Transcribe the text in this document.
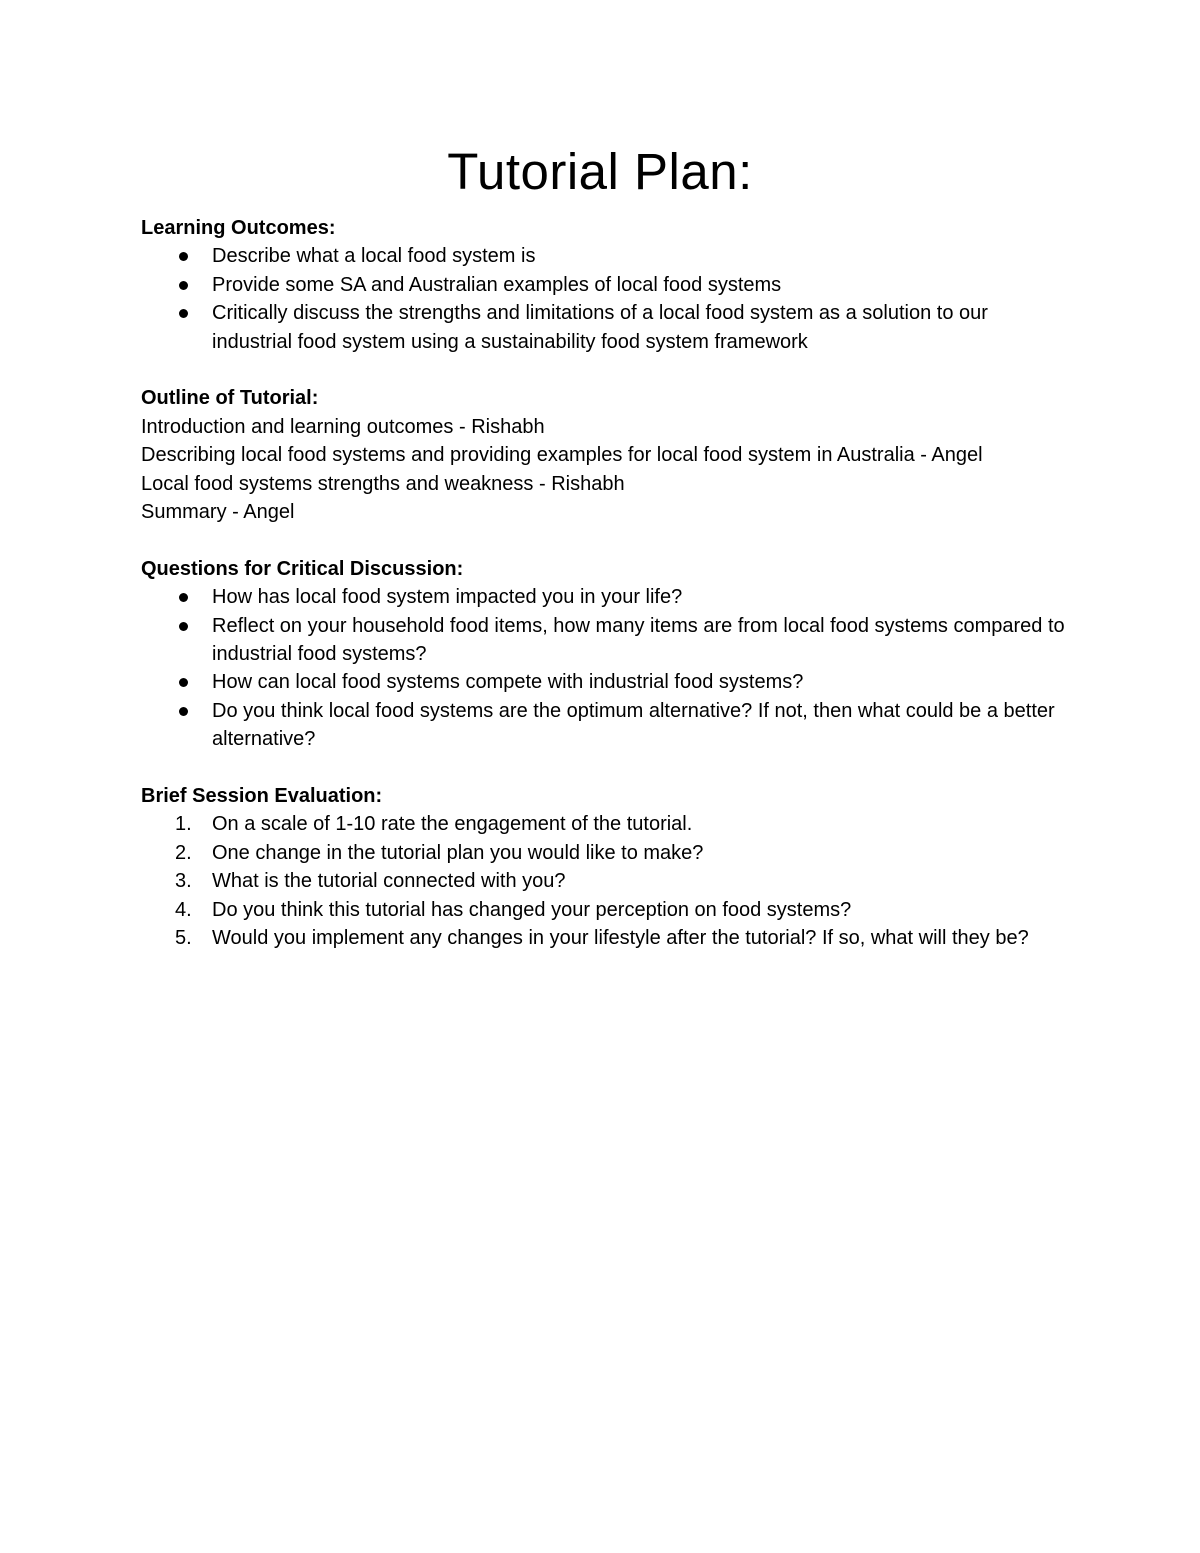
Tutorial Plan:

Learning Outcomes:

Describe what a local food system is
Provide some SA and Australian examples of local food systems
Critically discuss the strengths and limitations of a local food system as a solution to our industrial food system using a sustainability food system framework

Outline of Tutorial:

Introduction and learning outcomes - Rishabh

Describing local food systems and providing examples for local food system in Australia - Angel

Local food systems strengths and weakness - Rishabh

Summary - Angel

Questions for Critical Discussion:

How has local food system impacted you in your life?
Reflect on your household food items, how many items are from local food systems compared to industrial food systems?
How can local food systems compete with industrial food systems?
Do you think local food systems are the optimum alternative? If not, then what could be a better alternative?

Brief Session Evaluation:

1.	On a scale of 1-10 rate the engagement of the tutorial.
2.	One change in the tutorial plan you would like to make?
3.	What is the tutorial connected with you?
4.	Do you think this tutorial has changed your perception on food systems?
5.	Would you implement any changes in your lifestyle after the tutorial? If so, what will they be?
